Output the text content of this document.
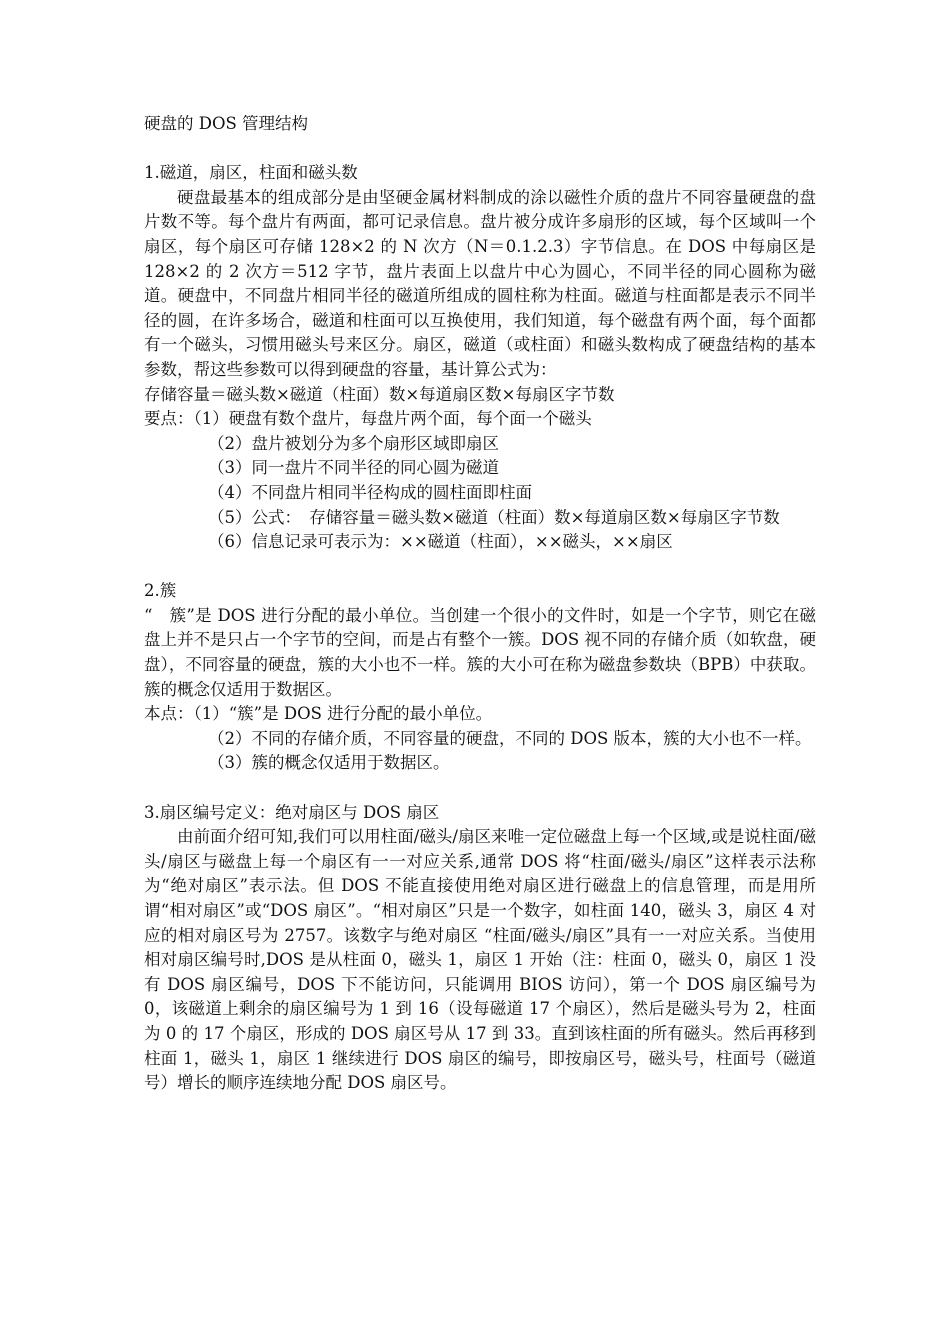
硬盘的 DOS 管理结构
1.磁道，扇区，柱面和磁头数
硬盘最基本的组成部分是由坚硬金属材料制成的涂以磁性介质的盘片不同容量硬盘的盘片数不等。每个盘片有两面，都可记录信息。盘片被分成许多扇形的区域，每个区域叫一个扇区，每个扇区可存储 128×2 的 N 次方（N＝0.1.2.3）字节信息。在 DOS 中每扇区是 128×2 的 2 次方＝512 字节，盘片表面上以盘片中心为圆心，不同半径的同心圆称为磁道。硬盘中，不同盘片相同半径的磁道所组成的圆柱称为柱面。磁道与柱面都是表示不同半径的圆，在许多场合，磁道和柱面可以互换使用，我们知道，每个磁盘有两个面，每个面都有一个磁头，习惯用磁头号来区分。扇区，磁道（或柱面）和磁头数构成了硬盘结构的基本参数，帮这些参数可以得到硬盘的容量，基计算公式为：
存储容量＝磁头数×磁道（柱面）数×每道扇区数×每扇区字节数
要点：（1）硬盘有数个盘片，每盘片两个面，每个面一个磁头
（2）盘片被划分为多个扇形区域即扇区
（3）同一盘片不同半径的同心圆为磁道
（4）不同盘片相同半径构成的圆柱面即柱面
（5）公式：　存储容量＝磁头数×磁道（柱面）数×每道扇区数×每扇区字节数
（6）信息记录可表示为：××磁道（柱面），××磁头，××扇区
2.簇
“　簇”是 DOS 进行分配的最小单位。当创建一个很小的文件时，如是一个字节，则它在磁盘上并不是只占一个字节的空间，而是占有整个一簇。DOS 视不同的存储介质（如软盘，硬盘），不同容量的硬盘，簇的大小也不一样。簇的大小可在称为磁盘参数块（BPB）中获取。簇的概念仅适用于数据区。
本点：（1）“簇”是 DOS 进行分配的最小单位。
（2）不同的存储介质，不同容量的硬盘，不同的 DOS 版本，簇的大小也不一样。
（3）簇的概念仅适用于数据区。
3.扇区编号定义：绝对扇区与 DOS 扇区
由前面介绍可知,我们可以用柱面/磁头/扇区来唯一定位磁盘上每一个区域,或是说柱面/磁头/扇区与磁盘上每一个扇区有一一对应关系,通常 DOS 将“柱面/磁头/扇区”这样表示法称为“绝对扇区”表示法。但 DOS 不能直接使用绝对扇区进行磁盘上的信息管理，而是用所谓“相对扇区”或“DOS 扇区”。“相对扇区”只是一个数字，如柱面 140，磁头 3，扇区 4 对应的相对扇区号为 2757。该数字与绝对扇区 “柱面/磁头/扇区”具有一一对应关系。当使用相对扇区编号时,DOS 是从柱面 0，磁头 1，扇区 1 开始（注：柱面 0，磁头 0，扇区 1 没有 DOS 扇区编号，DOS 下不能访问，只能调用 BIOS 访问），第一个 DOS 扇区编号为 0，该磁道上剩余的扇区编号为 1 到 16（设每磁道 17 个扇区），然后是磁头号为 2，柱面为 0 的 17 个扇区，形成的 DOS 扇区号从 17 到 33。直到该柱面的所有磁头。然后再移到柱面 1，磁头 1，扇区 1 继续进行 DOS 扇区的编号，即按扇区号，磁头号，柱面号（磁道号）增长的顺序连续地分配 DOS 扇区号。
